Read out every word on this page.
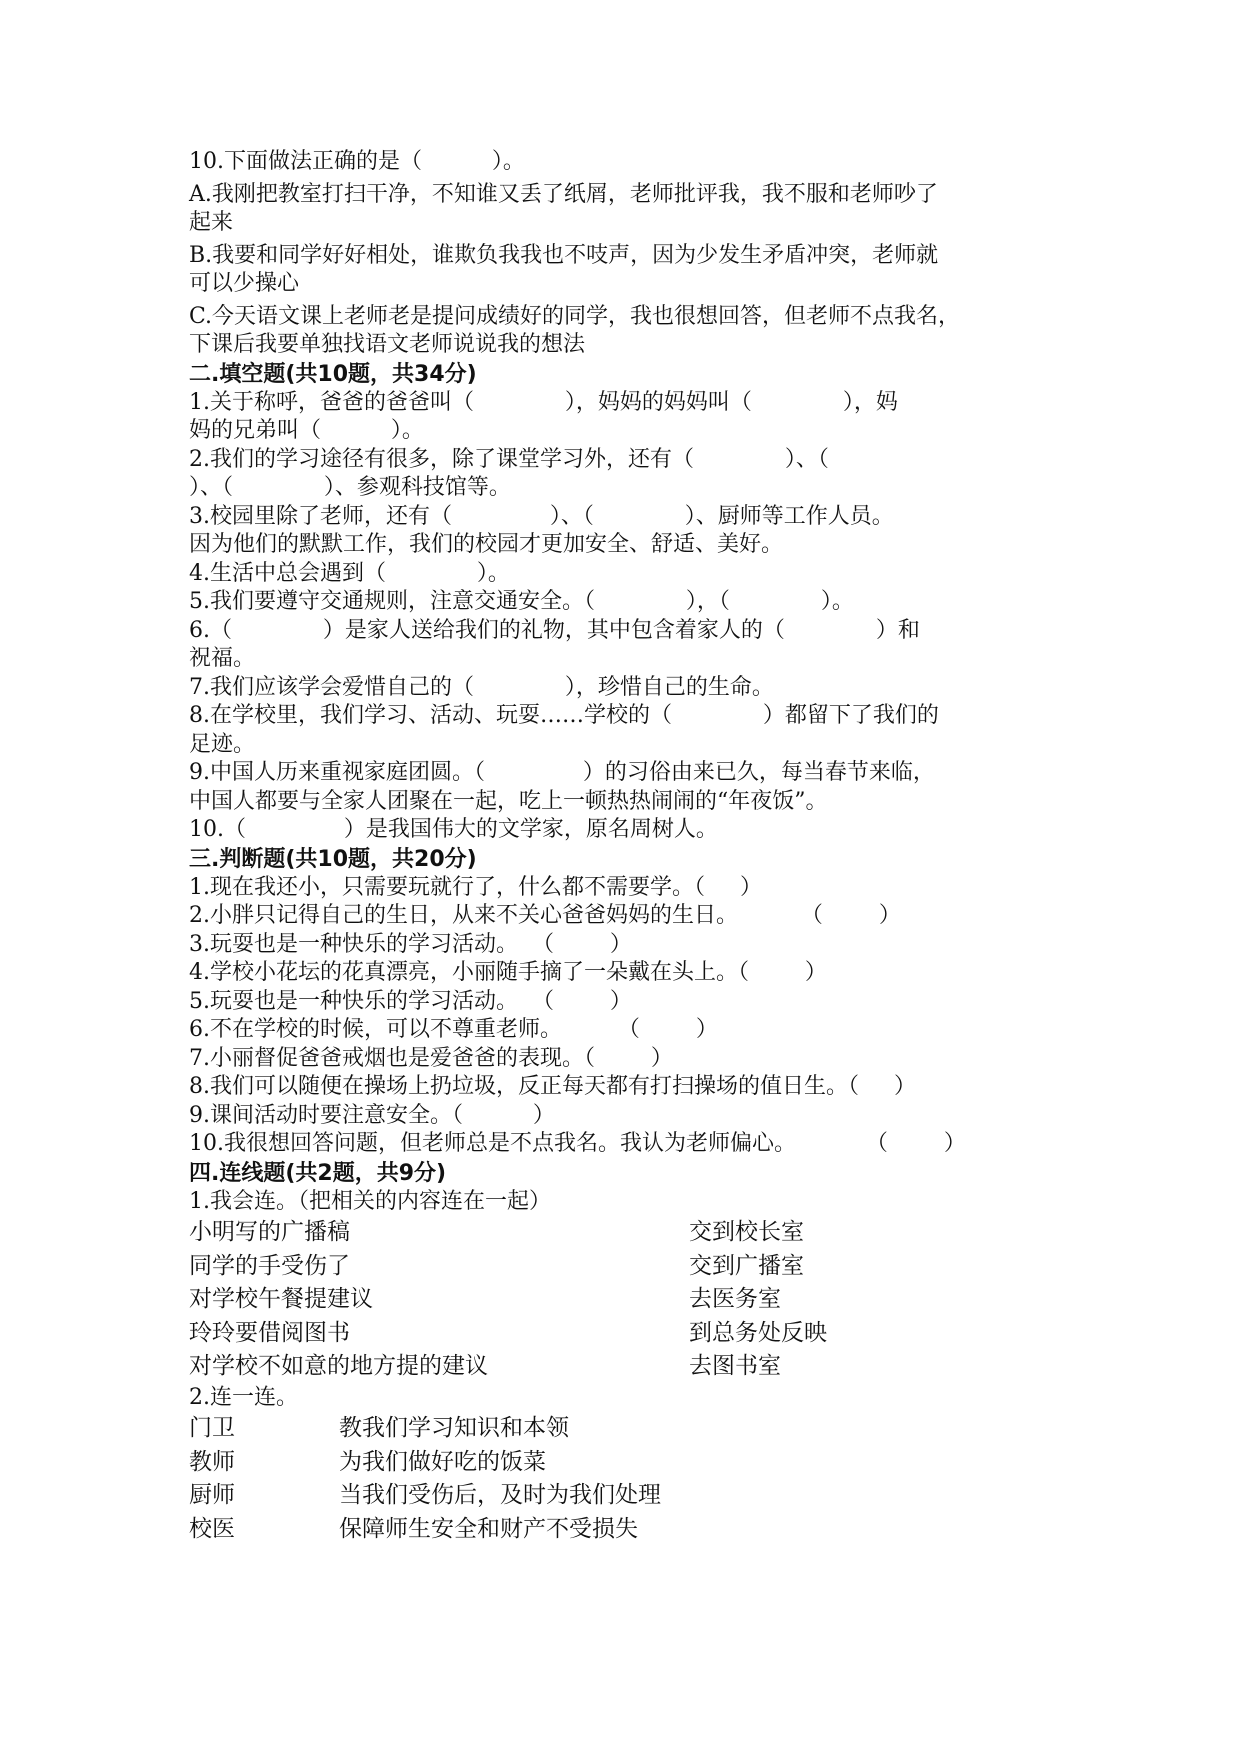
10.下面做法正确的是（          ）。
A.我刚把教室打扫干净，不知谁又丢了纸屑，老师批评我，我不服和老师吵了
起来
B.我要和同学好好相处，谁欺负我我也不吱声，因为少发生矛盾冲突，老师就
可以少操心
C.今天语文课上老师老是提问成绩好的同学，我也很想回答，但老师不点我名，
下课后我要单独找语文老师说说我的想法
二.填空题(共10题，共34分)
1.关于称呼，爸爸的爸爸叫（             ），妈妈的妈妈叫（             ），妈
妈的兄弟叫（          ）。
2.我们的学习途径有很多，除了课堂学习外，还有（             ）、（
）、（             ）、参观科技馆等。
3.校园里除了老师，还有（              ）、（             ）、厨师等工作人员。
因为他们的默默工作，我们的校园才更加安全、舒适、美好。
4.生活中总会遇到（             ）。
5.我们要遵守交通规则，注意交通安全。（             ），（             ）。
6.（             ）是家人送给我们的礼物，其中包含着家人的（             ）和
祝福。
7.我们应该学会爱惜自己的（             ），珍惜自己的生命。
8.在学校里，我们学习、活动、玩耍……学校的（             ）都留下了我们的
足迹。
9.中国人历来重视家庭团圆。（              ）的习俗由来已久，每当春节来临，
中国人都要与全家人团聚在一起，吃上一顿热热闹闹的“年夜饭”。
10.（              ）是我国伟大的文学家，原名周树人。
三.判断题(共10题，共20分)
1.现在我还小，只需要玩就行了，什么都不需要学。（     ）
2.小胖只记得自己的生日，从来不关心爸爸妈妈的生日。         （        ）
3.玩耍也是一种快乐的学习活动。  （        ）
4.学校小花坛的花真漂亮，小丽随手摘了一朵戴在头上。（        ）
5.玩耍也是一种快乐的学习活动。  （        ）
6.不在学校的时候，可以不尊重老师。        （        ）
7.小丽督促爸爸戒烟也是爱爸爸的表现。（        ）
8.我们可以随便在操场上扔垃圾，反正每天都有打扫操场的值日生。（     ）
9.课间活动时要注意安全。（          ）
10.我很想回答问题，但老师总是不点我名。我认为老师偏心。          （        ）
四.连线题(共2题，共9分)
1.我会连。（把相关的内容连在一起）
小明写的广播稿	交到校长室
同学的手受伤了	交到广播室
对学校午餐提建议	去医务室
玲玲要借阅图书	到总务处反映
对学校不如意的地方提的建议	去图书室
2.连一连。
门卫	教我们学习知识和本领
教师	为我们做好吃的饭菜
厨师	当我们受伤后，及时为我们处理
校医	保障师生安全和财产不受损失
